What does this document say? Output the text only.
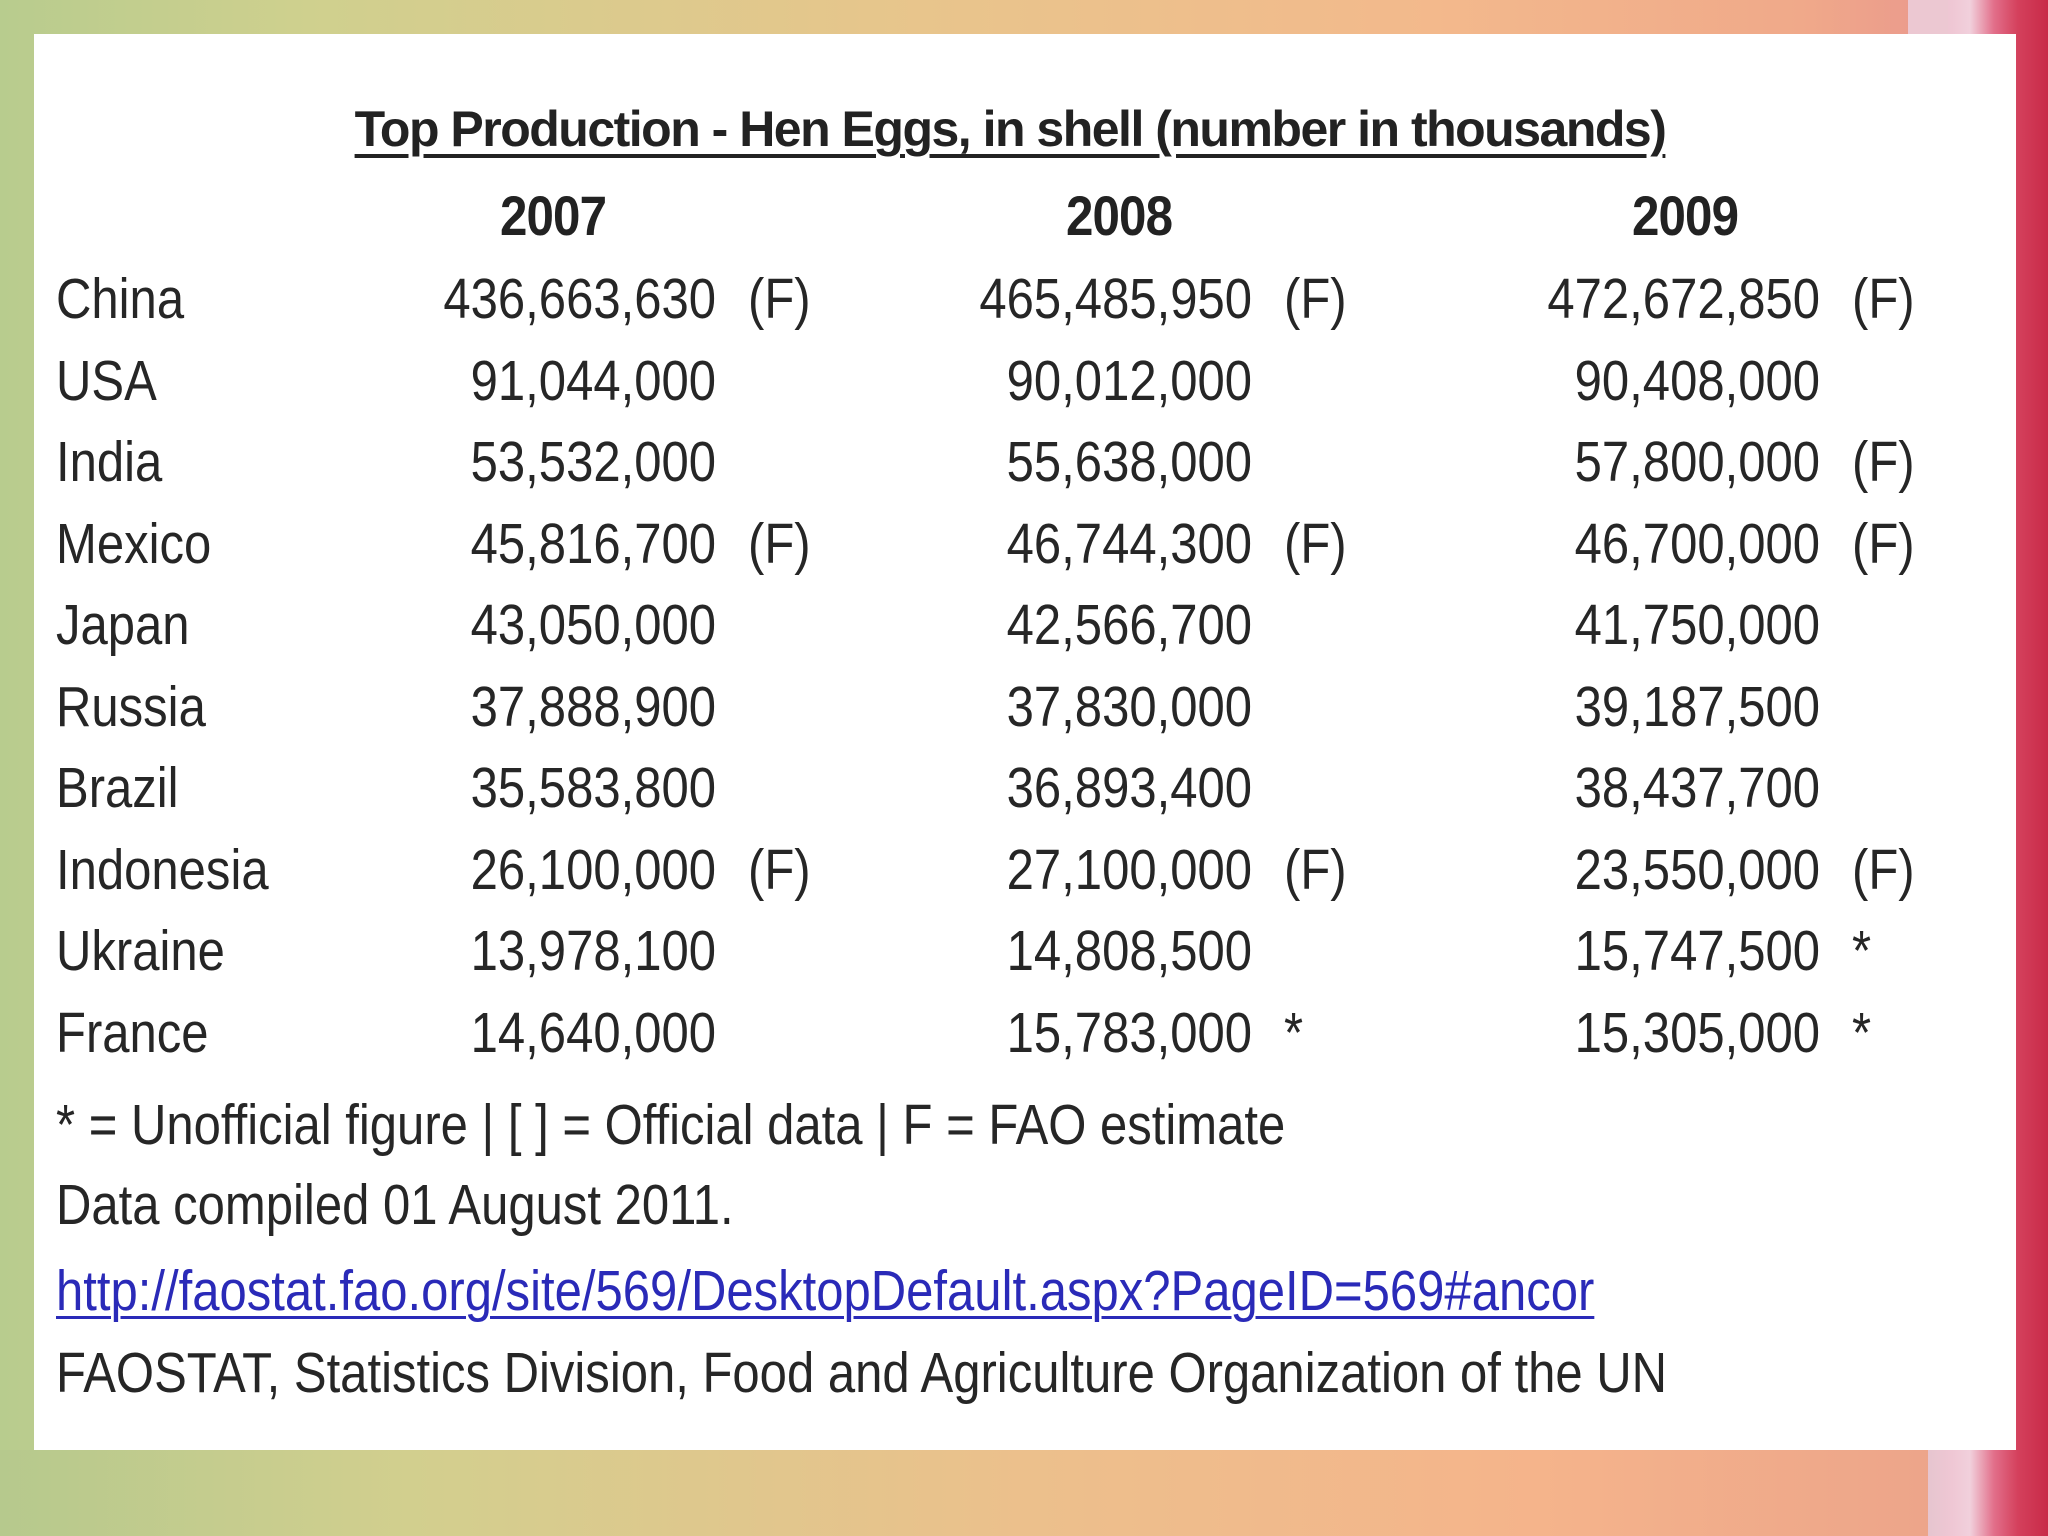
Top Production - Hen Eggs, in shell (number in thousands)
2007	2008	2009
China	436,663,630 (F)	465,485,950 (F)	472,672,850 (F)
USA	91,044,000	90,012,000	90,408,000
India	53,532,000	55,638,000	57,800,000 (F)
Mexico	45,816,700 (F)	46,744,300 (F)	46,700,000 (F)
Japan	43,050,000	42,566,700	41,750,000
Russia	37,888,900	37,830,000	39,187,500
Brazil	35,583,800	36,893,400	38,437,700
Indonesia	26,100,000 (F)	27,100,000 (F)	23,550,000 (F)
Ukraine	13,978,100	14,808,500	15,747,500 *
France	14,640,000	15,783,000 *	15,305,000 *
* = Unofficial figure | [ ] = Official data | F = FAO estimate
Data compiled 01 August 2011.
http://faostat.fao.org/site/569/DesktopDefault.aspx?PageID=569#ancor
FAOSTAT, Statistics Division, Food and Agriculture Organization of the UN
